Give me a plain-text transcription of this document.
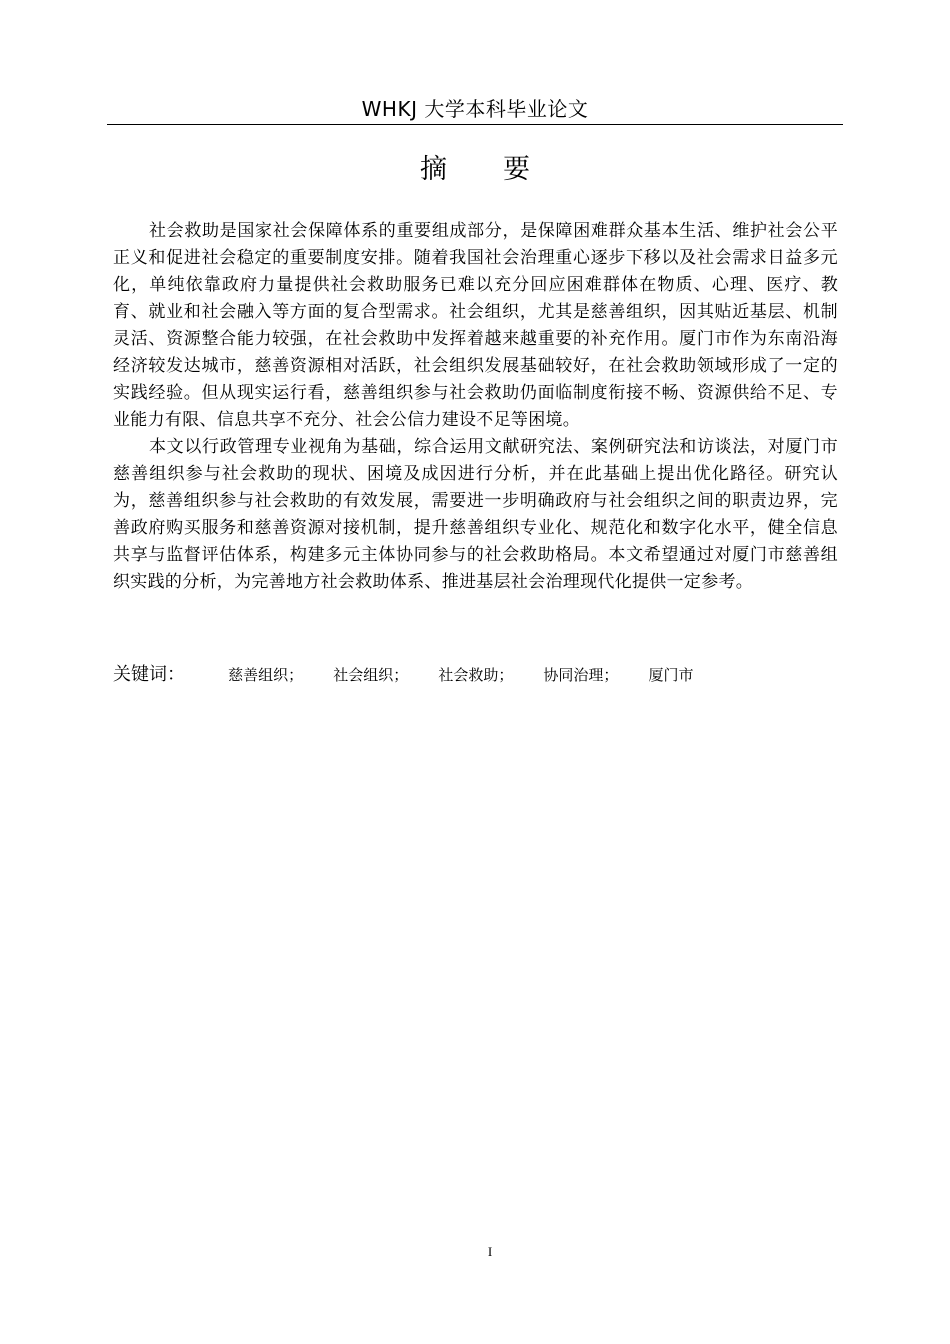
WHKJ 大学本科毕业论文
摘要

社会救助是国家社会保障体系的重要组成部分，是保障困难群众基本生活、维护社会公平正义和促进社会稳定的重要制度安排。随着我国社会治理重心逐步下移以及社会需求日益多元化，单纯依靠政府力量提供社会救助服务已难以充分回应困难群体在物质、心理、医疗、教育、就业和社会融入等方面的复合型需求。社会组织，尤其是慈善组织，因其贴近基层、机制灵活、资源整合能力较强，在社会救助中发挥着越来越重要的补充作用。厦门市作为东南沿海经济较发达城市，慈善资源相对活跃，社会组织发展基础较好，在社会救助领域形成了一定的实践经验。但从现实运行看，慈善组织参与社会救助仍面临制度衔接不畅、资源供给不足、专业能力有限、信息共享不充分、社会公信力建设不足等困境。

本文以行政管理专业视角为基础，综合运用文献研究法、案例研究法和访谈法，对厦门市慈善组织参与社会救助的现状、困境及成因进行分析，并在此基础上提出优化路径。研究认为，慈善组织参与社会救助的有效发展，需要进一步明确政府与社会组织之间的职责边界，完善政府购买服务和慈善资源对接机制，提升慈善组织专业化、规范化和数字化水平，健全信息共享与监督评估体系，构建多元主体协同参与的社会救助格局。本文希望通过对厦门市慈善组织实践的分析，为完善地方社会救助体系、推进基层社会治理现代化提供一定参考。

关键词：	慈善组织； 社会组织； 社会救助； 协同治理； 厦门市
I
